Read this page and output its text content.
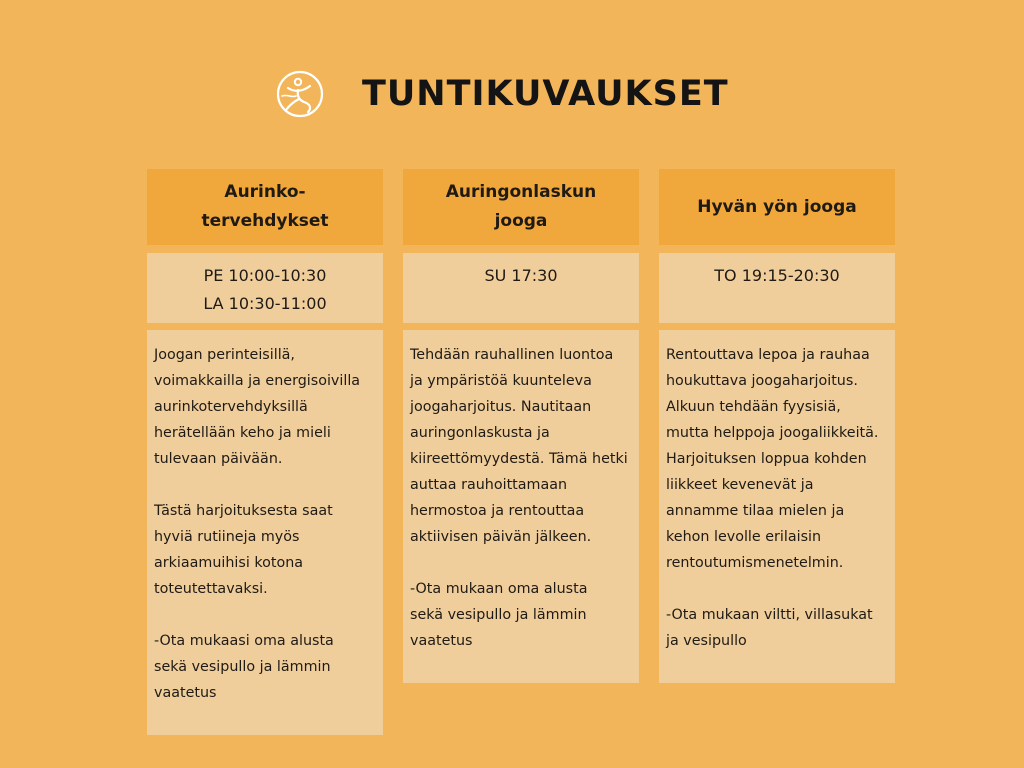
TUNTIKUVAUKSET
Aurinko-
tervehdykset
PE 10:00-10:30
LA 10:30-11:00

Joogan perinteisillä,
voimakkailla ja energisoivilla
aurinkotervehdyksillä
herätellään keho ja mieli
tulevaan päivään.

Tästä harjoituksesta saat
hyviä rutiineja myös
arkiaamuihisi kotona
toteutettavaksi.

-Ota mukaasi oma alusta
sekä vesipullo ja lämmin
vaatetus

Auringonlaskun
jooga
SU 17:30

Tehdään rauhallinen luontoa
ja ympäristöä kuunteleva
joogaharjoitus. Nautitaan
auringonlaskusta ja
kiireettömyydestä. Tämä hetki
auttaa rauhoittamaan
hermostoa ja rentouttaa
aktiivisen päivän jälkeen.

-Ota mukaan oma alusta
sekä vesipullo ja lämmin
vaatetus

Hyvän yön jooga
TO 19:15-20:30

Rentouttava lepoa ja rauhaa
houkuttava joogaharjoitus.
Alkuun tehdään fyysisiä,
mutta helppoja joogaliikkeitä.
Harjoituksen loppua kohden
liikkeet kevenevät ja
annamme tilaa mielen ja
kehon levolle erilaisin
rentoutumismenetelmin.

-Ota mukaan viltti, villasukat
ja vesipullo
